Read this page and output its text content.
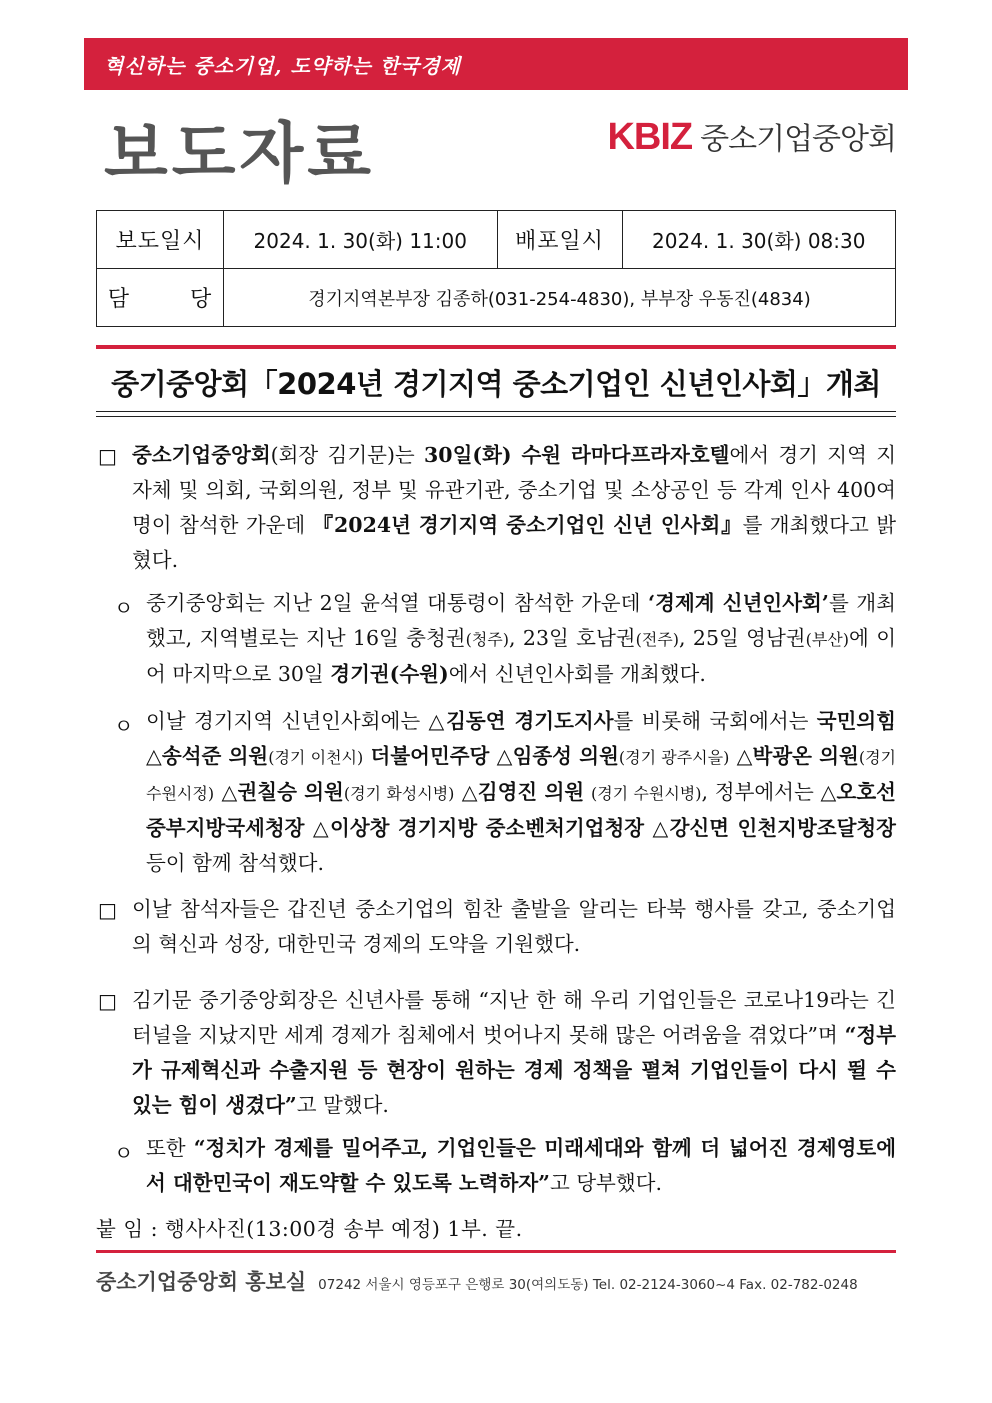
혁신하는 중소기업, 도약하는 한국경제
보도자료	KBIZ 중소기업중앙회
보도일시	2024. 1. 30(화) 11:00	배포일시	2024. 1. 30(화) 08:30
담 당	경기지역본부장 김종하(031-254-4830), 부부장 우동진(4834)		
중기중앙회「2024년 경기지역 중소기업인 신년인사회」개최
□ 중소기업중앙회(회장 김기문)는 30일(화) 수원 라마다프라자호텔에서 경기 지역 지자체 및 의회, 국회의원, 정부 및 유관기관, 중소기업 및 소상공인 등 각계 인사 400여명이 참석한 가운데 『2024년 경기지역 중소기업인 신년 인사회』를 개최했다고 밝혔다.
ㅇ 중기중앙회는 지난 2일 윤석열 대통령이 참석한 가운데 ‘경제계 신년인사회’를 개최했고, 지역별로는 지난 16일 충청권(청주), 23일 호남권(전주), 25일 영남권(부산)에 이어 마지막으로 30일 경기권(수원)에서 신년인사회를 개최했다.
ㅇ 이날 경기지역 신년인사회에는 △김동연 경기도지사를 비롯해 국회에서는 국민의힘 △송석준 의원(경기 이천시) 더불어민주당 △임종성 의원(경기 광주시을) △박광온 의원(경기 수원시정) △권칠승 의원(경기 화성시병) △김영진 의원 (경기 수원시병), 정부에서는 △오호선 중부지방국세청장 △이상창 경기지방 중소벤처기업청장 △강신면 인천지방조달청장 등이 함께 참석했다.
□ 이날 참석자들은 갑진년 중소기업의 힘찬 출발을 알리는 타북 행사를 갖고, 중소기업의 혁신과 성장, 대한민국 경제의 도약을 기원했다.
□ 김기문 중기중앙회장은 신년사를 통해 “지난 한 해 우리 기업인들은 코로나19라는 긴 터널을 지났지만 세계 경제가 침체에서 벗어나지 못해 많은 어려움을 겪었다”며 “정부가 규제혁신과 수출지원 등 현장이 원하는 경제 정책을 펼쳐 기업인들이 다시 뛸 수 있는 힘이 생겼다”고 말했다.
ㅇ 또한 “정치가 경제를 밀어주고, 기업인들은 미래세대와 함께 더 넓어진 경제영토에서 대한민국이 재도약할 수 있도록 노력하자”고 당부했다.
붙 임 : 행사사진(13:00경 송부 예정) 1부. 끝.
중소기업중앙회 홍보실 07242 서울시 영등포구 은행로 30(여의도동) Tel. 02-2124-3060~4 Fax. 02-782-0248
